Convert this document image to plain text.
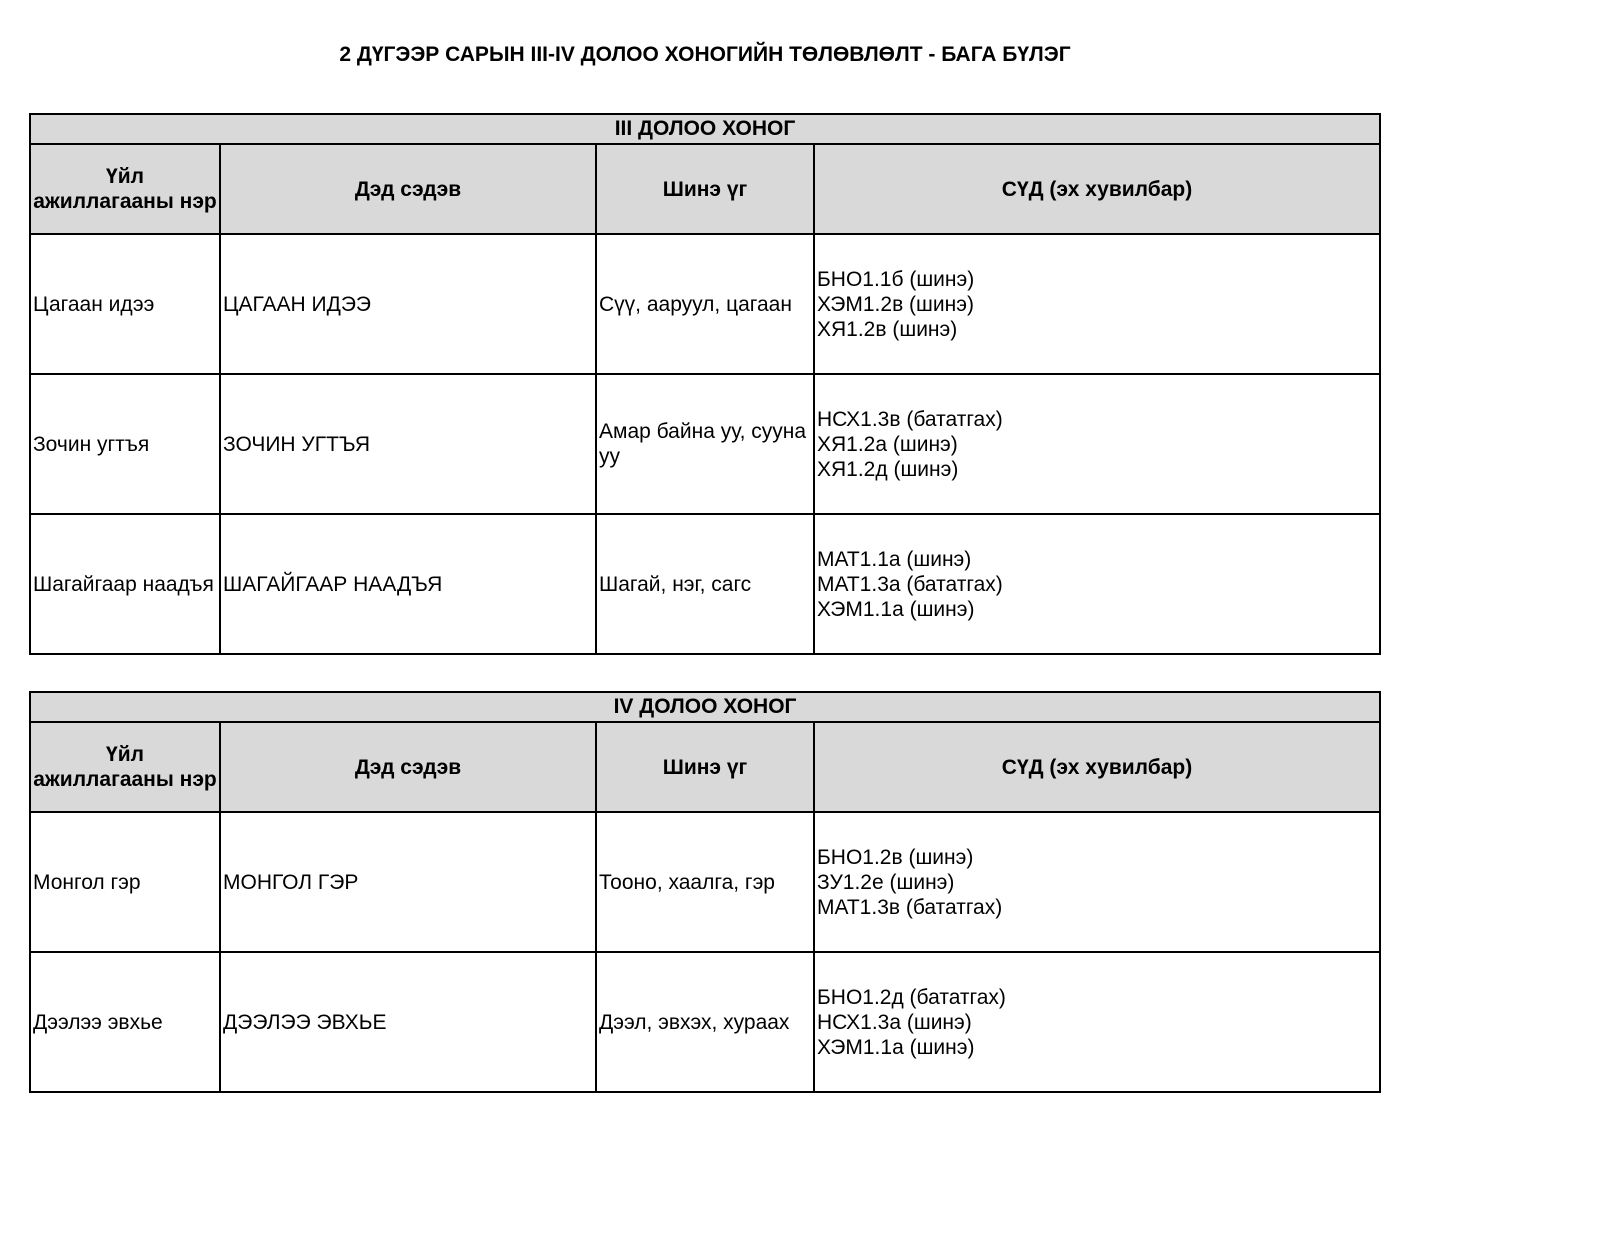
2 ДҮГЭЭР САРЫН III-IV ДОЛОО ХОНОГИЙН ТӨЛӨВЛӨЛТ - БАГА БҮЛЭГ
III ДОЛОО ХОНОГ			
Үйл ажиллагааны нэр	Дэд сэдэв	Шинэ үг	СҮД (эх хувилбар)
Цагаан идээ	ЦАГААН ИДЭЭ	Сүү, ааруул, цагаан	БНО1.1б (шинэ)
ХЭМ1.2в (шинэ)
ХЯ1.2в (шинэ)

Зочин угтъя	ЗОЧИН УГТЪЯ	Амар байна уу, сууна уу	НСХ1.3в (бататгах)
ХЯ1.2а (шинэ)
ХЯ1.2д (шинэ)

Шагайгаар наадъя	ШАГАЙГААР НААДЪЯ	Шагай, нэг, сагс	МАТ1.1а (шинэ)
МАТ1.3а (бататгах)
ХЭМ1.1а (шинэ)
IV ДОЛОО ХОНОГ			
Үйл ажиллагааны нэр	Дэд сэдэв	Шинэ үг	СҮД (эх хувилбар)
Монгол гэр	МОНГОЛ ГЭР	Тооно, хаалга, гэр	БНО1.2в (шинэ)
ЗУ1.2е (шинэ)
МАТ1.3в (бататгах)

Дээлээ эвхье	ДЭЭЛЭЭ ЭВХЬЕ	Дээл, эвхэх, хураах	БНО1.2д (бататгах)
НСХ1.3а (шинэ)
ХЭМ1.1а (шинэ)
